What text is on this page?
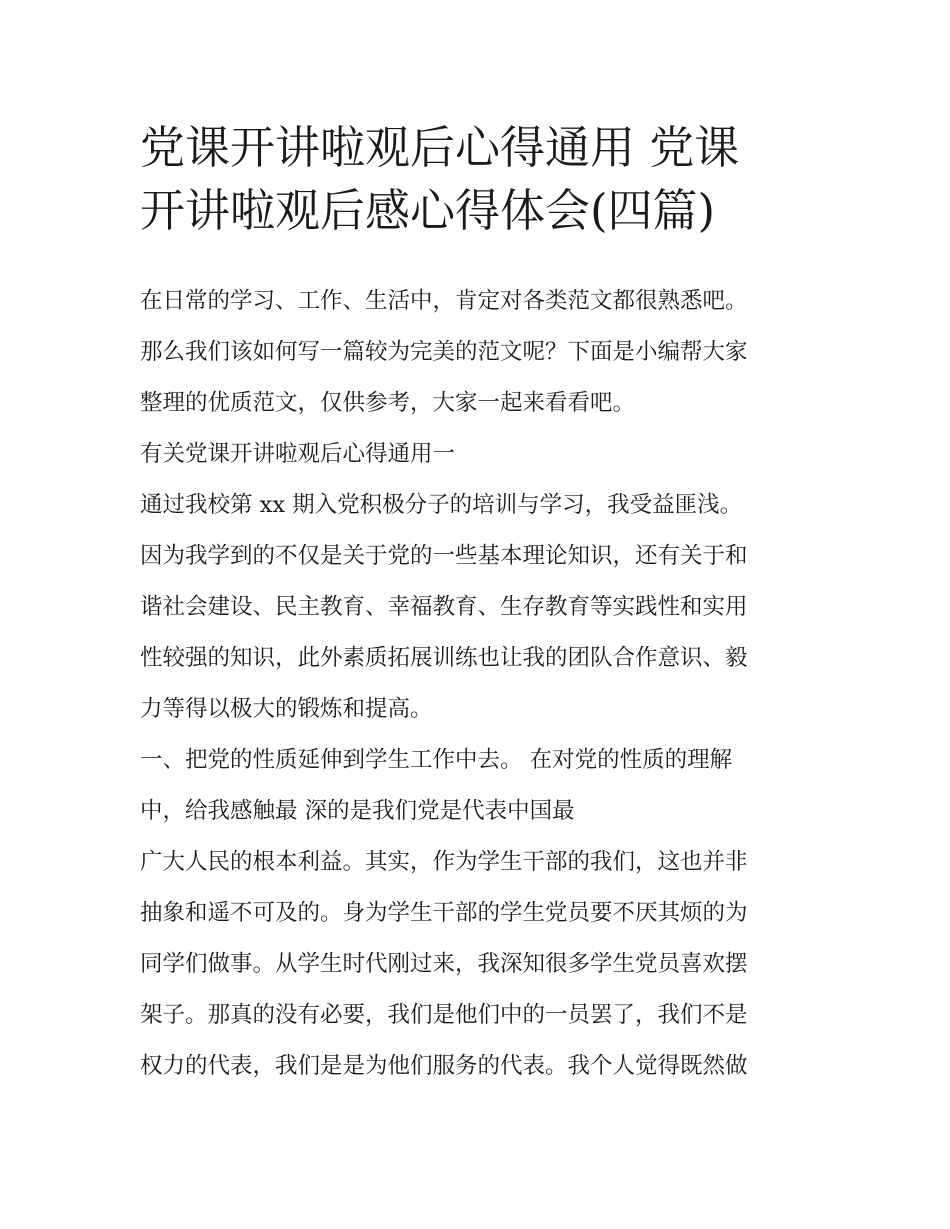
党课开讲啦观后心得通用 党课
开讲啦观后感心得体会(四篇)
在日常的学习、工作、生活中，肯定对各类范文都很熟悉吧。
那么我们该如何写一篇较为完美的范文呢？下面是小编帮大家
整理的优质范文，仅供参考，大家一起来看看吧。
有关党课开讲啦观后心得通用一
通过我校第 xx 期入党积极分子的培训与学习，我受益匪浅。
因为我学到的不仅是关于党的一些基本理论知识，还有关于和
谐社会建设、民主教育、幸福教育、生存教育等实践性和实用
性较强的知识，此外素质拓展训练也让我的团队合作意识、毅
力等得以极大的锻炼和提高。
一、把党的性质延伸到学生工作中去。 在对党的性质的理解
中，给我感触最 深的是我们党是代表中国最
广大人民的根本利益。其实，作为学生干部的我们，这也并非
抽象和遥不可及的。身为学生干部的学生党员要不厌其烦的为
同学们做事。从学生时代刚过来，我深知很多学生党员喜欢摆
架子。那真的没有必要，我们是他们中的一员罢了，我们不是
权力的代表，我们是是为他们服务的代表。我个人觉得既然做
